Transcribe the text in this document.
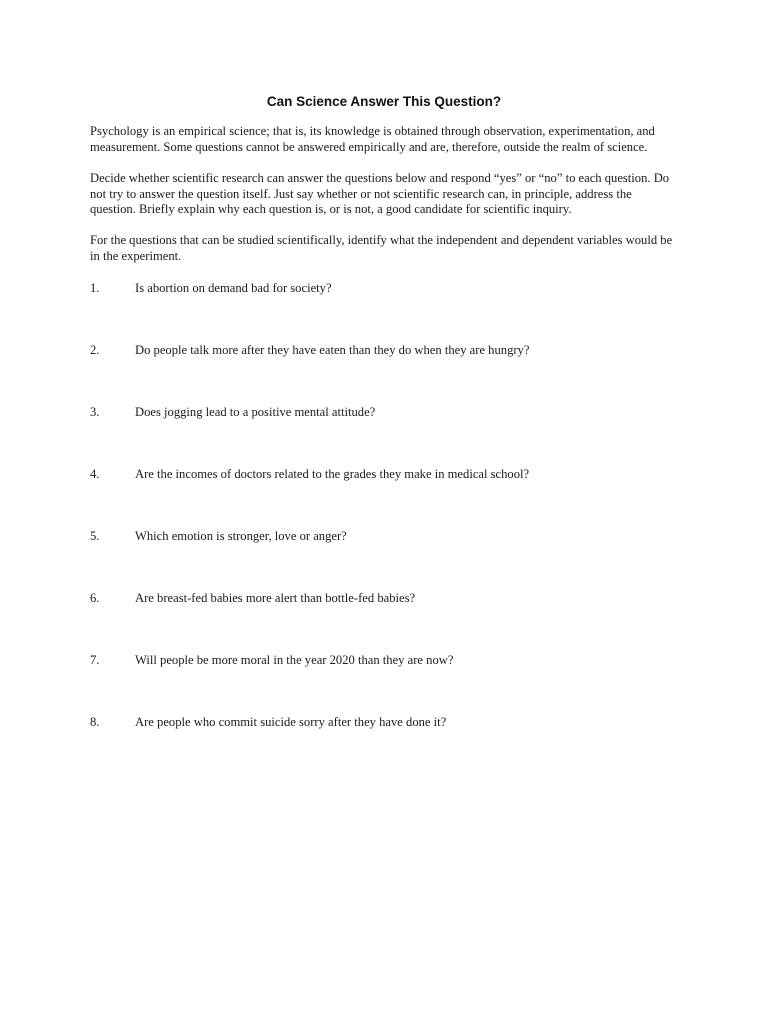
Can Science Answer This Question?

Psychology is an empirical science; that is, its knowledge is obtained through observation, experimentation, and measurement. Some questions cannot be answered empirically and are, therefore, outside the realm of science.

Decide whether scientific research can answer the questions below and respond “yes” or “no” to each question. Do not try to answer the question itself. Just say whether or not scientific research can, in principle, address the question. Briefly explain why each question is, or is not, a good candidate for scientific inquiry.

For the questions that can be studied scientifically, identify what the independent and dependent variables would be in the experiment.

1.	Is abortion on demand bad for society?
2.	Do people talk more after they have eaten than they do when they are hungry?
3.	Does jogging lead to a positive mental attitude?
4.	Are the incomes of doctors related to the grades they make in medical school?
5.	Which emotion is stronger, love or anger?
6.	Are breast-fed babies more alert than bottle-fed babies?
7.	Will people be more moral in the year 2020 than they are now?
8.	Are people who commit suicide sorry after they have done it?
